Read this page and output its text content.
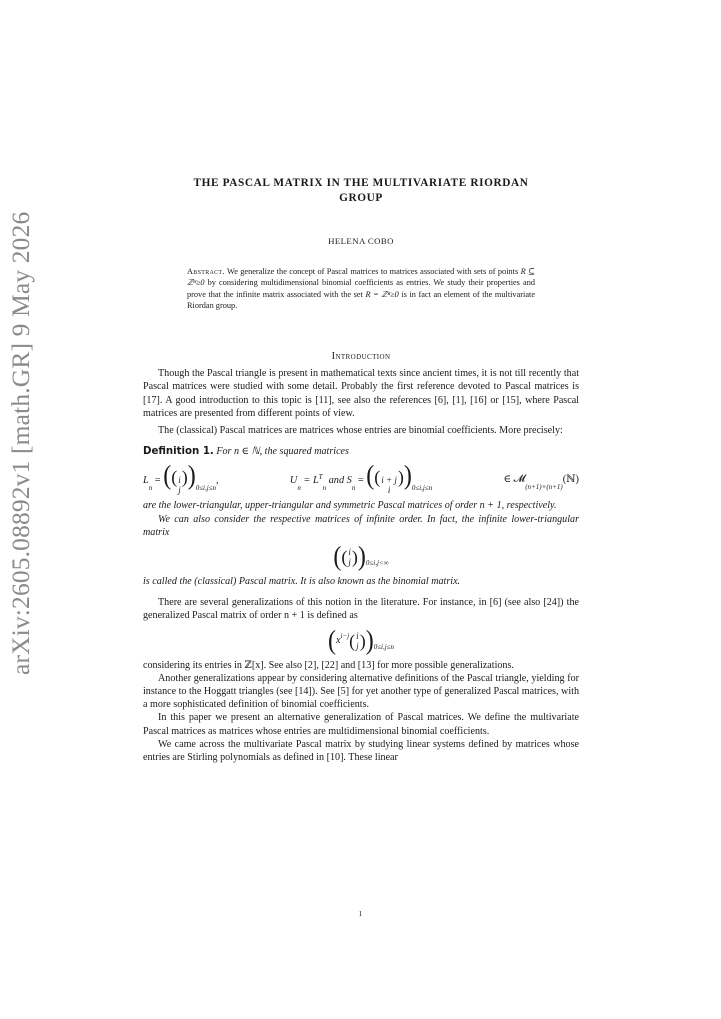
arXiv:2605.08892v1 [math.GR] 9 May 2026
THE PASCAL MATRIX IN THE MULTIVARIATE RIORDAN
GROUP
HELENA COBO
Abstract. We generalize the concept of Pascal matrices to matrices associated with sets of points R ⊆ ℤⁿ≥0 by considering multidimensional binomial coefficients as entries. We study their properties and prove that the infinite matrix associated with the set R = ℤⁿ≥0 is in fact an element of the multivariate Riordan group.
Introduction

Though the Pascal triangle is present in mathematical texts since ancient times, it is not till recently that Pascal matrices were studied with some detail. Probably the first reference devoted to Pascal matrices is [17]. A good introduction to this topic is [11], see also the references [6], [1], [16] or [15], where Pascal matrices are presented from different points of view.

The (classical) Pascal matrices are matrices whose entries are binomial coefficients. More precisely:

Definition 1. For n ∈ ℕ, the squared matrices

$L_n$ = (( i
j
))$_{0\le i,j\le n}$,	$U_n = L^T_n$ and $S_n$ = (( i + j
i
))$_{0\le i,j\le n}$
∈ 𝓜$_{(n+1)\times(n+1)}$(ℕ)

are the lower-triangular, upper-triangular and symmetric Pascal matrices of order n + 1, respectively.

We can also consider the respective matrices of infinite order. In fact, the infinite lower-triangular matrix

( ( i
j ) ) 0≤i,j<∞

is called the (classical) Pascal matrix. It is also known as the binomial matrix.

There are several generalizations of this notion in the literature. For instance, in [6] (see also [24]) the generalized Pascal matrix of order n + 1 is defined as

( x i−j ( i
j ) ) 0≤i,j≤n

considering its entries in ℤ[x]. See also [2], [22] and [13] for more possible generalizations.

Another generalizations appear by considering alternative definitions of the Pascal triangle, yielding for instance to the Hoggatt triangles (see [14]). See [5] for yet another type of generalized Pascal matrices, with a more sophisticated definition of binomial coefficients.

In this paper we present an alternative generalization of Pascal matrices. We define the multivariate Pascal matrices as matrices whose entries are multidimensional binomial coefficients.

We came across the multivariate Pascal matrix by studying linear systems defined by matrices whose entries are Stirling polynomials as defined in [10]. These linear

1
